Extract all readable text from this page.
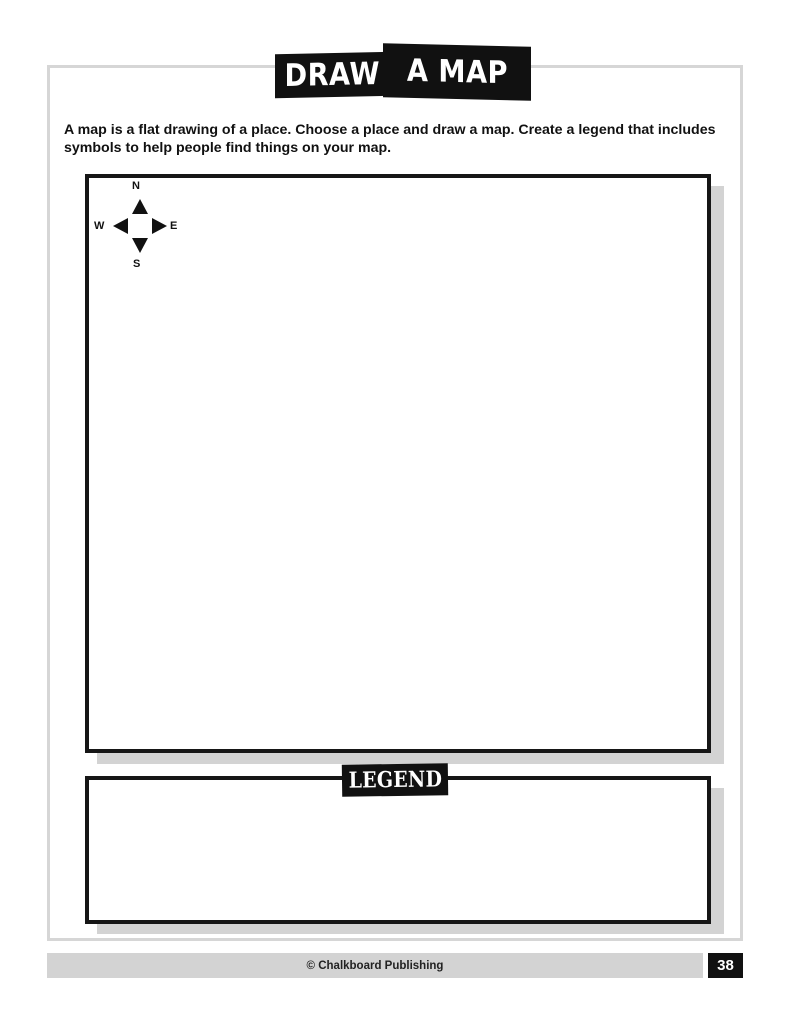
DRAW A MAP
A map is a flat drawing of a place. Choose a place and draw a map. Create a legend that includes symbols to help people find things on your map.
N
W	E
S
LEGEND
© Chalkboard Publishing	38
